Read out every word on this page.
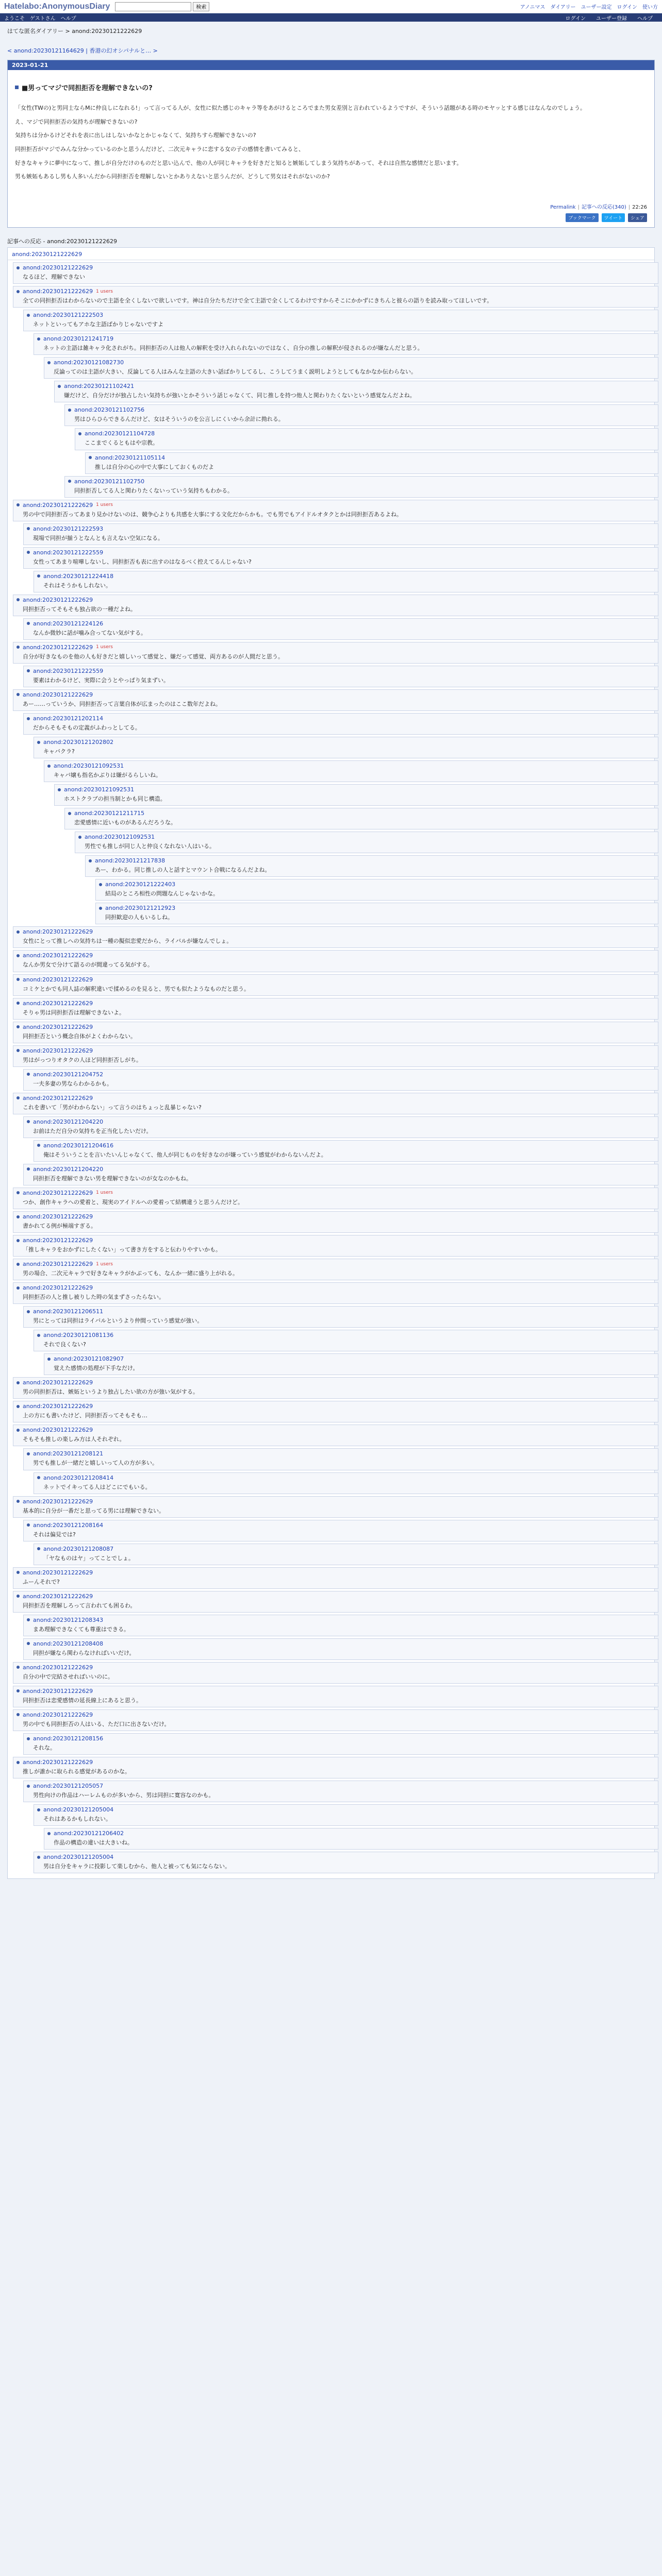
Hatelabo:AnonymousDiary	検索	アノニマス ダイアリー ユーザー設定 ログイン 使い方
ようこそ ゲストさん ヘルプ	ログイン ユーザー登録 ヘルプ
はてな匿名ダイアリー > anond:20230121222629
< anond:20230121164629 | 香港の幻オシパナルと… >
2023-01-21
■男ってマジで同担拒否を理解できないの?

「女性(TWの)と男同士ならMに仲良しになれる!」って言ってる人が、女性に似た感じのキャラ等をあがけるところでまた男女差別と言われているようですが、そういう話題がある時のモヤッとする感じはなんなのでしょう。

え、マジで同担拒否の気持ちが理解できないの?

気持ちは分かるけどそれを表に出しはしないかなとかじゃなくて、気持ちすら理解できないの?

同担拒否がマジでみんな分かっているのかと思うんだけど、二次元キャラに恋する女の子の感情を書いてみると、

好きなキャラに夢中になって、推しが自分だけのものだと思い込んで、他の人が同じキャラを好きだと知ると嫉妬してしまう気持ちがあって、それは自然な感情だと思います。

男も嫉妬もあるし男も人多いんだから同担拒否を理解しないとかありえないと思うんだが、どうして男女はそれがないのか?

Permalink | 記事への反応(340) | 22:26
ブックマーク	ツイート	シェア
記事への反応 - anond:20230121222629
anond:20230121222629
anond:20230121222629
なるほど、理解できない
anond:20230121222629 1 users
全ての同担拒否はわからないので主語を全くしないで欲しいです。神は自分たちだけで全て主語で全くしてるわけですからそこにかかずにきちんと彼らの語りを読み取ってほしいです。
anond:20230121222503
ネットといってもアホな主語ばかりじゃないですよ
anond:20230121241719
ネットの主語は雑キャラ化されがち。同担拒否の人は他人の解釈を受け入れられないのではなく、自分の推しの解釈が侵されるのが嫌なんだと思う。
anond:20230121082730
反論ってのは主語が大きい、反論してる人はみんな主語の大きい話ばかりしてるし、こうしてうまく説明しようとしてもなかなか伝わらない。
anond:20230121102421
嫌だけど、自分だけが独占したい気持ちが強いとかそういう話じゃなくて、同じ推しを持つ他人と関わりたくないという感覚なんだよね。
anond:20230121102756
男はひらひらできるんだけど、女はそういうのを公言しにくいから余計に拗れる。
anond:20230121104728
ここまでくるともはや宗教。
anond:20230121105114
推しは自分の心の中で大事にしておくものだよ
anond:20230121102750
同担拒否してる人と関わりたくないっていう気持ちもわかる。
anond:20230121222629 1 users
男の中で同担拒否ってあまり見かけないのは、競争心よりも共感を大事にする文化だからかも。でも男でもアイドルオタクとかは同担拒否あるよね。
anond:20230121222593
現場で同担が揃うとなんとも言えない空気になる。
anond:20230121222559
女性ってあまり喧嘩しないし、同担拒否も表に出すのはなるべく控えてるんじゃない?
anond:20230121224418
それはそうかもしれない。
anond:20230121222629
同担拒否ってそもそも独占欲の一種だよね。
anond:20230121224126
なんか微妙に話が噛み合ってない気がする。
anond:20230121222629 1 users
自分が好きなものを他の人も好きだと嬉しいって感覚と、嫌だって感覚、両方あるのが人間だと思う。
anond:20230121222559
要素はわかるけど、実際に会うとやっぱり気まずい。
anond:20230121222629
あー……っていうか、同担拒否って言葉自体が広まったのはここ数年だよね。
anond:20230121202114
だからそもそもの定義がふわっとしてる。
anond:20230121202802
キャバクラ?
anond:20230121092531
キャバ嬢も指名かぶりは嫌がるらしいね。
anond:20230121092531
ホストクラブの担当制とかも同じ構造。
anond:20230121211715
恋愛感情に近いものがあるんだろうな。
anond:20230121092531
男性でも推しが同じ人と仲良くなれない人はいる。
anond:20230121217838
あー、わかる。同じ推しの人と話すとマウント合戦になるんだよね。
anond:20230121222403
結局のところ相性の問題なんじゃないかな。
anond:20230121212923
同担歓迎の人もいるしね。
anond:20230121222629
女性にとって推しへの気持ちは一種の擬似恋愛だから、ライバルが嫌なんでしょ。
anond:20230121222629
なんか男女で分けて語るのが間違ってる気がする。
anond:20230121222629
コミケとかでも同人誌の解釈違いで揉めるのを見ると、男でも似たようなものだと思う。
anond:20230121222629
そりゃ男は同担拒否は理解できないよ。
anond:20230121222629
同担拒否という概念自体がよくわからない。
anond:20230121222629
男はがっつりオタクの人ほど同担拒否しがち。
anond:20230121204752
一夫多妻の男ならわかるかも。
anond:20230121222629
これを書いて「男がわからない」って言うのはちょっと乱暴じゃない?
anond:20230121204220
お前はただ自分の気持ちを正当化したいだけ。
anond:20230121204616
俺はそういうことを言いたいんじゃなくて、他人が同じものを好きなのが嫌っていう感覚がわからないんだよ。
anond:20230121204220
同担拒否を理解できない男を理解できないのが女なのかもね。
anond:20230121222629 1 users
つか、創作キャラへの愛着と、現実のアイドルへの愛着って結構違うと思うんだけど。
anond:20230121222629
書かれてる例が極端すぎる。
anond:20230121222629
「推しキャラをおかずにしたくない」って書き方をすると伝わりやすいかも。
anond:20230121222629 1 users
男の場合、二次元キャラで好きなキャラがかぶっても、なんか一緒に盛り上がれる。
anond:20230121222629
同担拒否の人と推し被りした時の気まずさったらない。
anond:20230121206511
男にとっては同担はライバルというより仲間っていう感覚が強い。
anond:20230121081136
それで良くない?
anond:20230121082907
覚えた感情の処理が下手なだけ。
anond:20230121222629
男の同担拒否は、嫉妬というより独占したい欲の方が強い気がする。
anond:20230121222629
上の方にも書いたけど、同担拒否ってそもそも…
anond:20230121222629
そもそも推しの楽しみ方は人それぞれ。
anond:20230121208121
男でも推しが一緒だと嬉しいって人の方が多い。
anond:20230121208414
ネットでイキってる人はどこにでもいる。
anond:20230121222629
基本的に自分が一番だと思ってる男には理解できない。
anond:20230121208164
それは偏見では?
anond:20230121208087
「ヤなものはヤ」ってことでしょ。
anond:20230121222629
ふーんそれで?
anond:20230121222629
同担拒否を理解しろって言われても困るわ。
anond:20230121208343
まあ理解できなくても尊重はできる。
anond:20230121208408
同担が嫌なら関わらなければいいだけ。
anond:20230121222629
自分の中で完結させればいいのに。
anond:20230121222629
同担拒否は恋愛感情の延長線上にあると思う。
anond:20230121222629
男の中でも同担拒否の人はいる、ただ口に出さないだけ。
anond:20230121208156
それな。
anond:20230121222629
推しが誰かに取られる感覚があるのかな。
anond:20230121205057
男性向けの作品はハーレムものが多いから、男は同担に寛容なのかも。
anond:20230121205004
それはあるかもしれない。
anond:20230121206402
作品の構造の違いは大きいね。
anond:20230121205004
男は自分をキャラに投影して楽しむから、他人と被っても気にならない。
